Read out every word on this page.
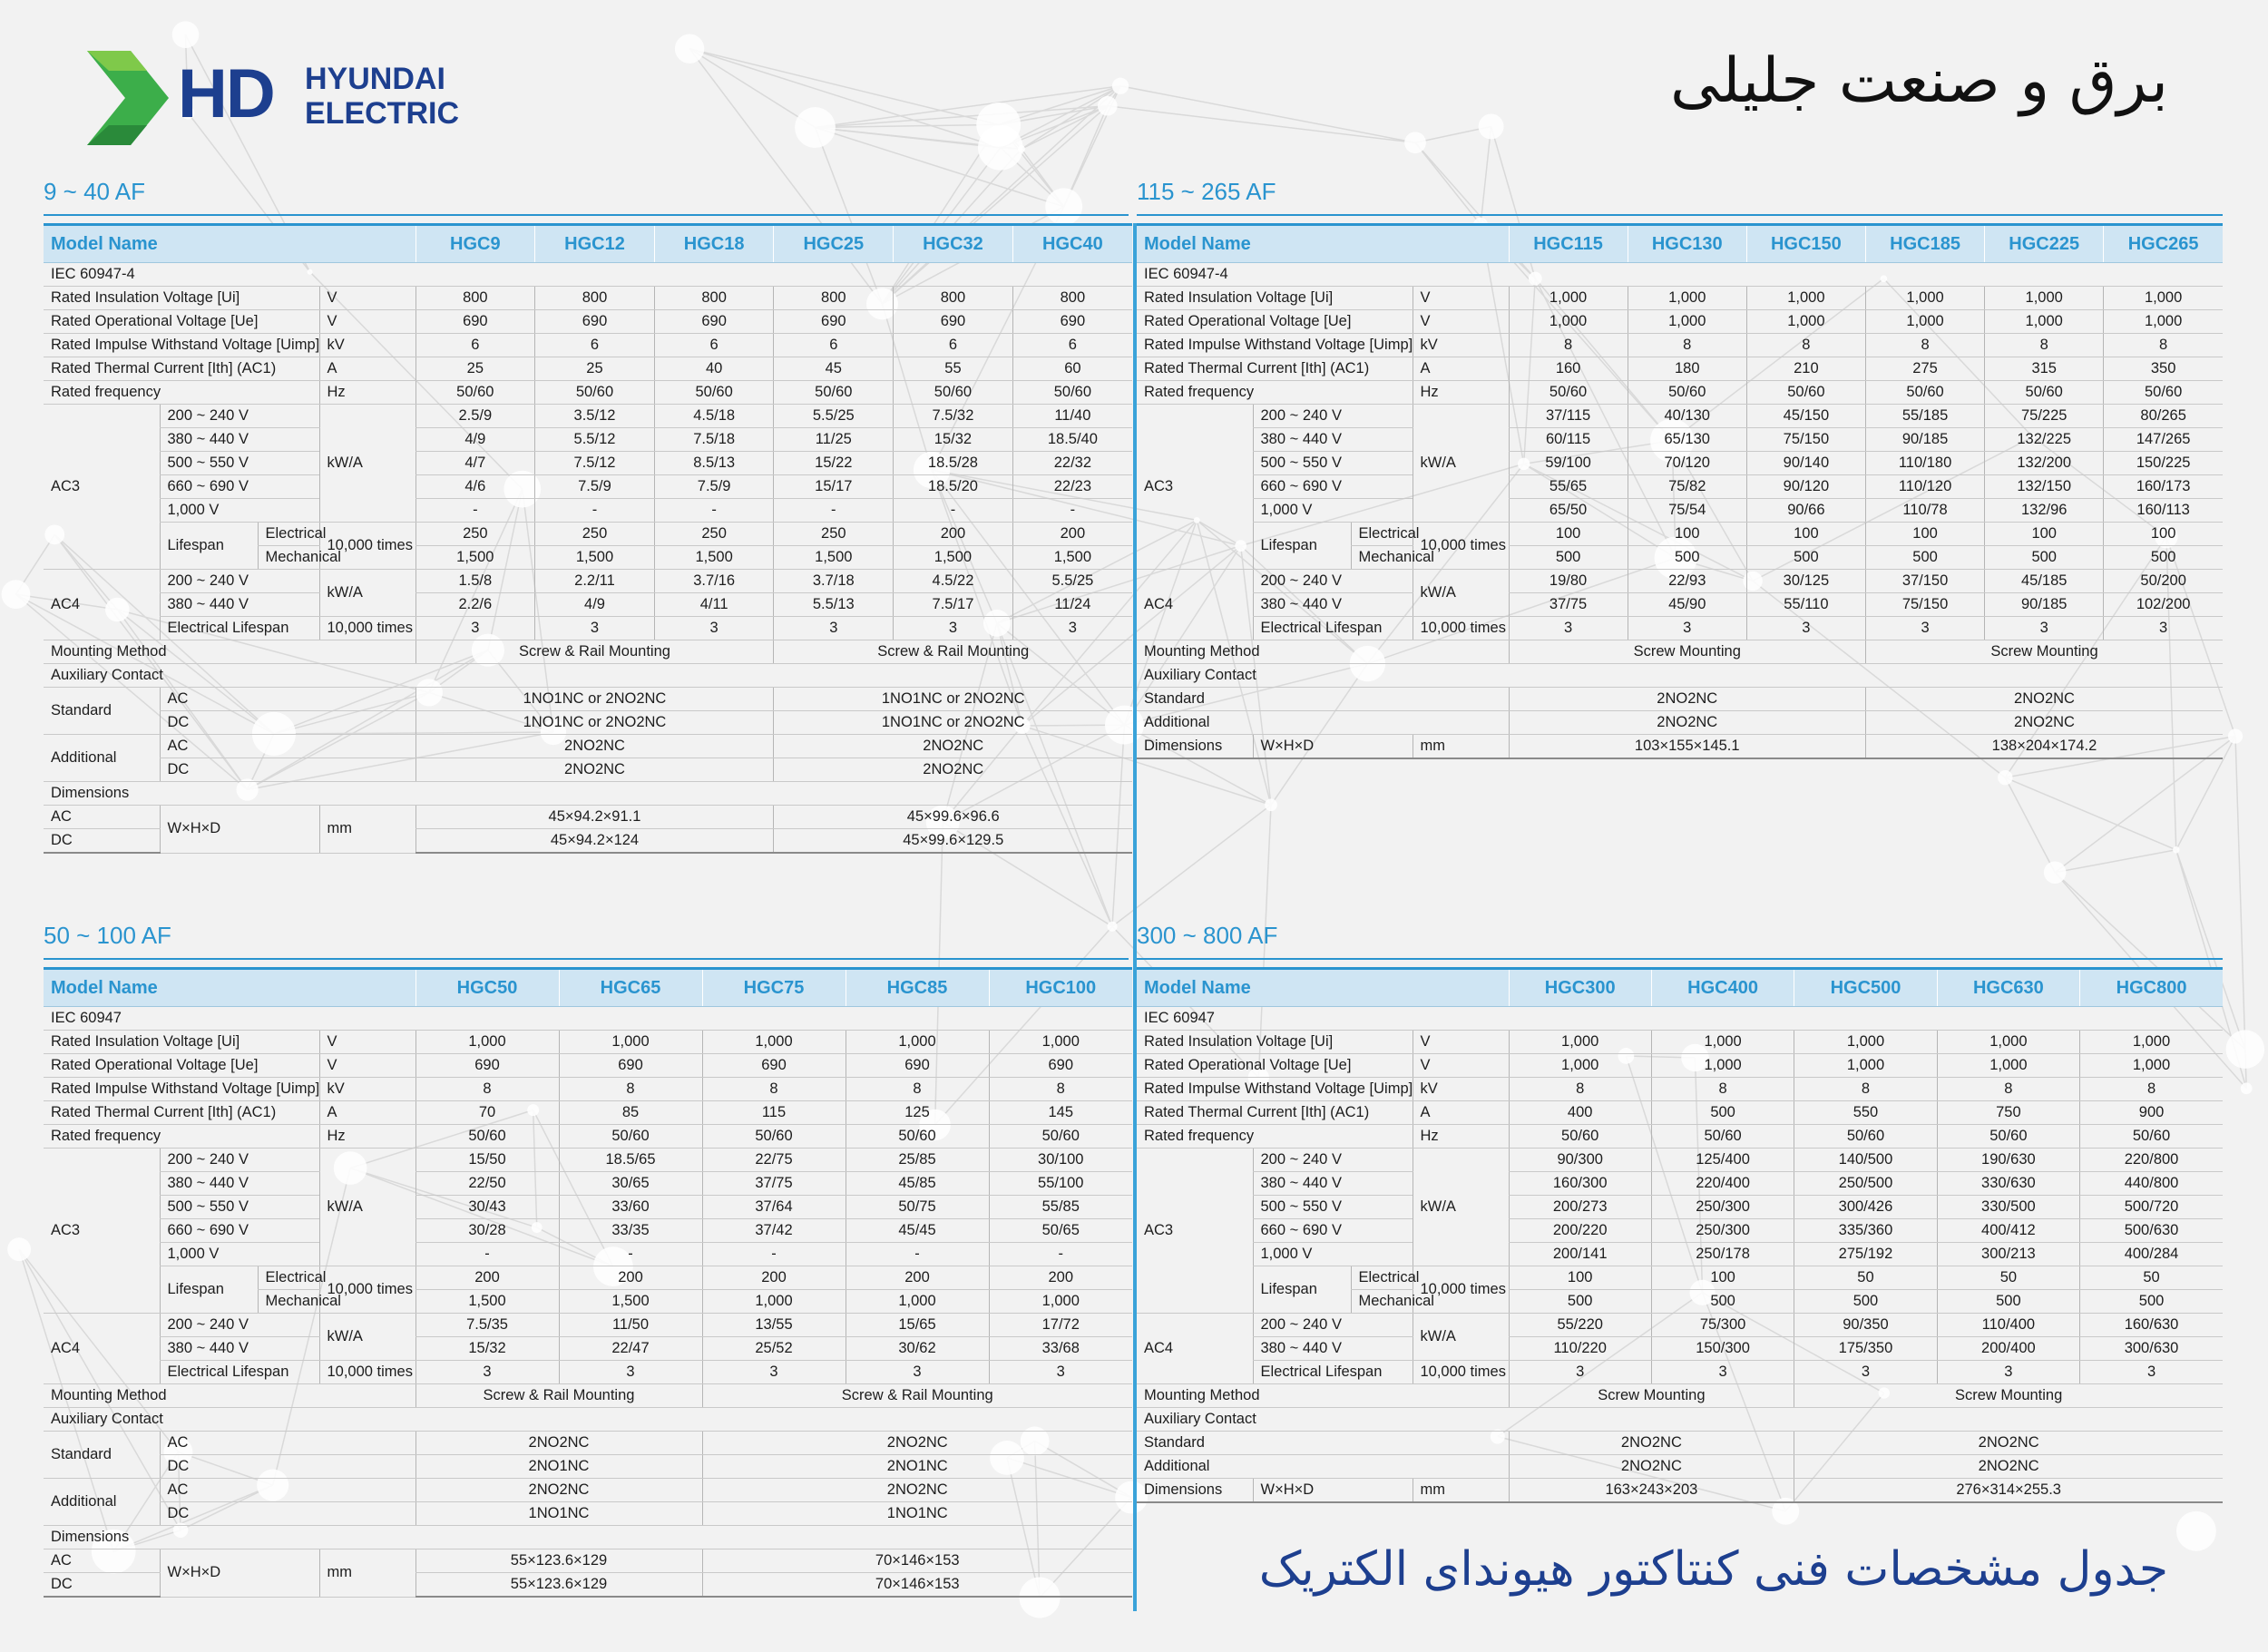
HD HYUNDAI
ELECTRIC	برق و صنعت جلیلی
جدول مشخصات فنی کنتاکتور هیوندای الکتریک
9 ~ 40 AF
Model Name				HGC9	HGC12	HGC18	HGC25	HGC32	HGC40
IEC 60947-4									
Rated Insulation Voltage [Ui]			V	800	800	800	800	800	800
Rated Operational Voltage [Ue]			V	690	690	690	690	690	690
Rated Impulse Withstand Voltage [Uimp]			kV	6	6	6	6	6	6
Rated Thermal Current [Ith] (AC1)			A	25	25	40	45	55	60
Rated frequency			Hz	50/60	50/60	50/60	50/60	50/60	50/60
AC3	200 ~ 240 V		kW/A	2.5/9	3.5/12	4.5/18	5.5/25	7.5/32	11/40
	380 ~ 440 V			4/9	5.5/12	7.5/18	11/25	15/32	18.5/40
	500 ~ 550 V			4/7	7.5/12	8.5/13	15/22	18.5/28	22/32
	660 ~ 690 V			4/6	7.5/9	7.5/9	15/17	18.5/20	22/23
	1,000 V			-	-	-	-	-	-
	Lifespan	Electrical	10,000 times	250	250	250	250	200	200
		Mechanical		1,500	1,500	1,500	1,500	1,500	1,500
AC4	200 ~ 240 V		kW/A	1.5/8	2.2/11	3.7/16	3.7/18	4.5/22	5.5/25
	380 ~ 440 V			2.2/6	4/9	4/11	5.5/13	7.5/17	11/24
	Electrical Lifespan		10,000 times	3	3	3	3	3	3
Mounting Method				Screw & Rail Mounting			Screw & Rail Mounting		
Auxiliary Contact									
Standard	AC			1NO1NC or 2NO2NC			1NO1NC or 2NO2NC		
	DC			1NO1NC or 2NO2NC			1NO1NC or 2NO2NC		
Additional	AC			2NO2NC			2NO2NC		
	DC			2NO2NC			2NO2NC		
Dimensions									
AC	W×H×D		mm	45×94.2×91.1			45×99.6×96.6		
DC				45×94.2×124			45×99.6×129.5		
115 ~ 265 AF
Model Name				HGC115	HGC130	HGC150	HGC185	HGC225	HGC265
IEC 60947-4									
Rated Insulation Voltage [Ui]			V	1,000	1,000	1,000	1,000	1,000	1,000
Rated Operational Voltage [Ue]			V	1,000	1,000	1,000	1,000	1,000	1,000
Rated Impulse Withstand Voltage [Uimp]			kV	8	8	8	8	8	8
Rated Thermal Current [Ith] (AC1)			A	160	180	210	275	315	350
Rated frequency			Hz	50/60	50/60	50/60	50/60	50/60	50/60
AC3	200 ~ 240 V		kW/A	37/115	40/130	45/150	55/185	75/225	80/265
	380 ~ 440 V			60/115	65/130	75/150	90/185	132/225	147/265
	500 ~ 550 V			59/100	70/120	90/140	110/180	132/200	150/225
	660 ~ 690 V			55/65	75/82	90/120	110/120	132/150	160/173
	1,000 V			65/50	75/54	90/66	110/78	132/96	160/113
	Lifespan	Electrical	10,000 times	100	100	100	100	100	100
		Mechanical		500	500	500	500	500	500
AC4	200 ~ 240 V		kW/A	19/80	22/93	30/125	37/150	45/185	50/200
	380 ~ 440 V			37/75	45/90	55/110	75/150	90/185	102/200
	Electrical Lifespan		10,000 times	3	3	3	3	3	3
Mounting Method				Screw Mounting			Screw Mounting		
Auxiliary Contact									
Standard				2NO2NC			2NO2NC		
Additional				2NO2NC			2NO2NC		
Dimensions	W×H×D		mm	103×155×145.1			138×204×174.2		
50 ~ 100 AF
Model Name				HGC50	HGC65	HGC75	HGC85	HGC100
IEC 60947								
Rated Insulation Voltage [Ui]			V	1,000	1,000	1,000	1,000	1,000
Rated Operational Voltage [Ue]			V	690	690	690	690	690
Rated Impulse Withstand Voltage [Uimp]			kV	8	8	8	8	8
Rated Thermal Current [Ith] (AC1)			A	70	85	115	125	145
Rated frequency			Hz	50/60	50/60	50/60	50/60	50/60
AC3	200 ~ 240 V		kW/A	15/50	18.5/65	22/75	25/85	30/100
	380 ~ 440 V			22/50	30/65	37/75	45/85	55/100
	500 ~ 550 V			30/43	33/60	37/64	50/75	55/85
	660 ~ 690 V			30/28	33/35	37/42	45/45	50/65
	1,000 V			-	-	-	-	-
	Lifespan	Electrical	10,000 times	200	200	200	200	200
		Mechanical		1,500	1,500	1,000	1,000	1,000
AC4	200 ~ 240 V		kW/A	7.5/35	11/50	13/55	15/65	17/72
	380 ~ 440 V			15/32	22/47	25/52	30/62	33/68
	Electrical Lifespan		10,000 times	3	3	3	3	3
Mounting Method				Screw & Rail Mounting		Screw & Rail Mounting		
Auxiliary Contact								
Standard	AC			2NO2NC		2NO2NC		
	DC			2NO1NC		2NO1NC		
Additional	AC			2NO2NC		2NO2NC		
	DC			1NO1NC		1NO1NC		
Dimensions								
AC	W×H×D		mm	55×123.6×129		70×146×153		
DC				55×123.6×129		70×146×153		
300 ~ 800 AF
Model Name				HGC300	HGC400	HGC500	HGC630	HGC800
IEC 60947								
Rated Insulation Voltage [Ui]			V	1,000	1,000	1,000	1,000	1,000
Rated Operational Voltage [Ue]			V	1,000	1,000	1,000	1,000	1,000
Rated Impulse Withstand Voltage [Uimp]			kV	8	8	8	8	8
Rated Thermal Current [Ith] (AC1)			A	400	500	550	750	900
Rated frequency			Hz	50/60	50/60	50/60	50/60	50/60
AC3	200 ~ 240 V		kW/A	90/300	125/400	140/500	190/630	220/800
	380 ~ 440 V			160/300	220/400	250/500	330/630	440/800
	500 ~ 550 V			200/273	250/300	300/426	330/500	500/720
	660 ~ 690 V			200/220	250/300	335/360	400/412	500/630
	1,000 V			200/141	250/178	275/192	300/213	400/284
	Lifespan	Electrical	10,000 times	100	100	50	50	50
		Mechanical		500	500	500	500	500
AC4	200 ~ 240 V		kW/A	55/220	75/300	90/350	110/400	160/630
	380 ~ 440 V			110/220	150/300	175/350	200/400	300/630
	Electrical Lifespan		10,000 times	3	3	3	3	3
Mounting Method				Screw Mounting		Screw Mounting		
Auxiliary Contact								
Standard				2NO2NC		2NO2NC		
Additional				2NO2NC		2NO2NC		
Dimensions	W×H×D		mm	163×243×203		276×314×255.3		
